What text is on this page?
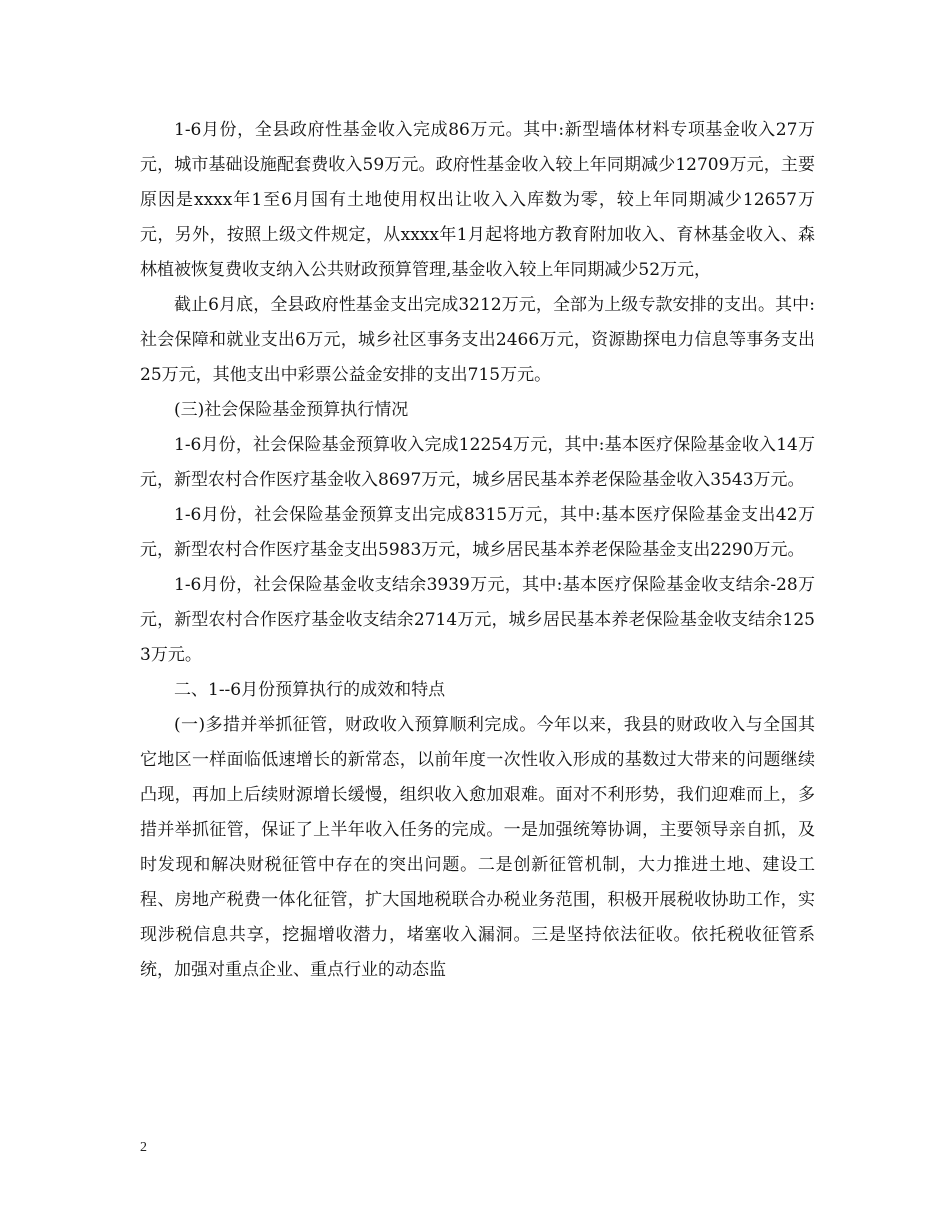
1-6月份，全县政府性基金收入完成86万元。其中:新型墙体材料专项基金收入27万元，城市基础设施配套费收入59万元。政府性基金收入较上年同期减少12709万元，主要原因是xxxx年1至6月国有土地使用权出让收入入库数为零，较上年同期减少12657万元，另外，按照上级文件规定，从xxxx年1月起将地方教育附加收入、育林基金收入、森林植被恢复费收支纳入公共财政预算管理,基金收入较上年同期减少52万元，

截止6月底，全县政府性基金支出完成3212万元，全部为上级专款安排的支出。其中:社会保障和就业支出6万元，城乡社区事务支出2466万元，资源勘探电力信息等事务支出25万元，其他支出中彩票公益金安排的支出715万元。

(三)社会保险基金预算执行情况

1-6月份，社会保险基金预算收入完成12254万元，其中:基本医疗保险基金收入14万元，新型农村合作医疗基金收入8697万元，城乡居民基本养老保险基金收入3543万元。

1-6月份，社会保险基金预算支出完成8315万元，其中:基本医疗保险基金支出42万元，新型农村合作医疗基金支出5983万元，城乡居民基本养老保险基金支出2290万元。

1-6月份，社会保险基金收支结余3939万元，其中:基本医疗保险基金收支结余-28万元，新型农村合作医疗基金收支结余2714万元，城乡居民基本养老保险基金收支结余1253万元。

二、1--6月份预算执行的成效和特点

(一)多措并举抓征管，财政收入预算顺利完成。今年以来，我县的财政收入与全国其它地区一样面临低速增长的新常态，以前年度一次性收入形成的基数过大带来的问题继续凸现，再加上后续财源增长缓慢，组织收入愈加艰难。面对不利形势，我们迎难而上，多措并举抓征管，保证了上半年收入任务的完成。一是加强统筹协调，主要领导亲自抓，及时发现和解决财税征管中存在的突出问题。二是创新征管机制，大力推进土地、建设工程、房地产税费一体化征管，扩大国地税联合办税业务范围，积极开展税收协助工作，实现涉税信息共享，挖掘增收潜力，堵塞收入漏洞。三是坚持依法征收。依托税收征管系统，加强对重点企业、重点行业的动态监

2
